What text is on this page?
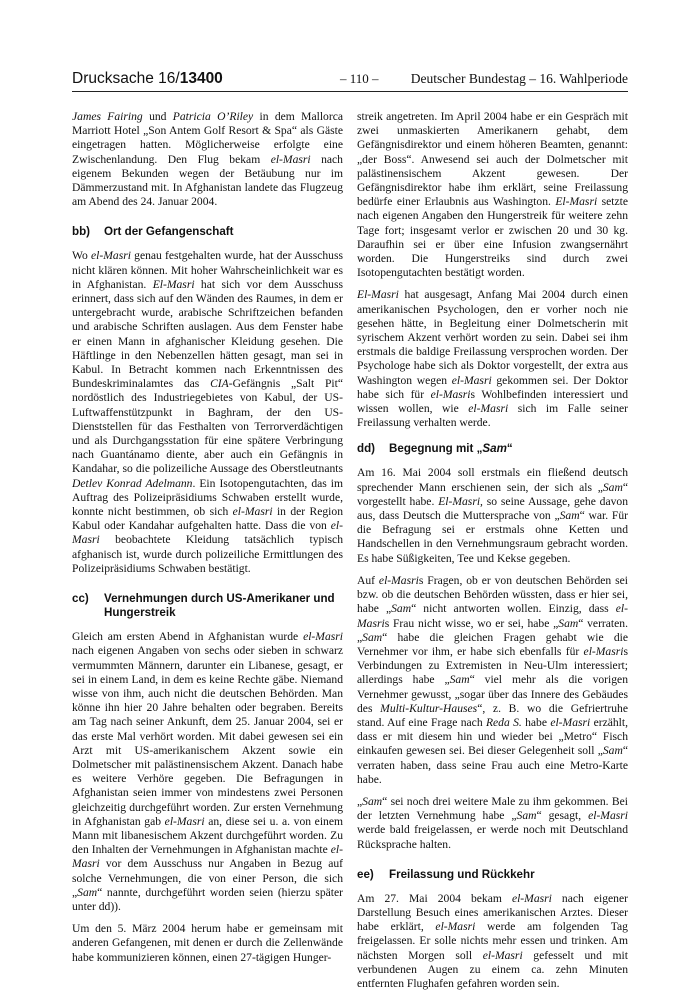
Drucksache 16/13400	– 110 – Deutscher Bundestag – 16. Wahlperiode

James Fairing und Patricia O’Riley in dem Mallorca Marriott Hotel „Son Antem Golf Resort & Spa“ als Gäste eingetragen hatten. Möglicherweise erfolgte eine Zwischenlandung. Den Flug bekam el-Masri nach eigenem Bekunden wegen der Betäubung nur im Dämmerzustand mit. In Afghanistan landete das Flugzeug am Abend des 24. Januar 2004.

bb)	Ort der Gefangenschaft

Wo el-Masri genau festgehalten wurde, hat der Ausschuss nicht klären können. Mit hoher Wahrscheinlichkeit war es in Afghanistan. El-Masri hat sich vor dem Ausschuss erinnert, dass sich auf den Wänden des Raumes, in dem er untergebracht wurde, arabische Schriftzeichen befanden und arabische Schriften auslagen. Aus dem Fenster habe er einen Mann in afghanischer Kleidung gesehen. Die Häftlinge in den Nebenzellen hätten gesagt, man sei in Kabul. In Betracht kommen nach Erkenntnissen des Bundeskriminalamtes das CIA-Gefängnis „Salt Pit“ nordöstlich des Industriegebietes von Kabul, der US-Luftwaffenstützpunkt in Baghram, der den US-Dienststellen für das Festhalten von Terrorverdächtigen und als Durchgangsstation für eine spätere Verbringung nach Guantánamo diente, aber auch ein Gefängnis in Kandahar, so die polizeiliche Aussage des Oberstleutnants Detlev Konrad Adelmann. Ein Isotopengutachten, das im Auftrag des Polizeipräsidiums Schwaben erstellt wurde, konnte nicht bestimmen, ob sich el-Masri in der Region Kabul oder Kandahar aufgehalten hatte. Dass die von el-Masri beobachtete Kleidung tatsächlich typisch afghanisch ist, wurde durch polizeiliche Ermittlungen des Polizeipräsidiums Schwaben bestätigt.

cc)	Vernehmungen durch US-Amerikaner und Hungerstreik

Gleich am ersten Abend in Afghanistan wurde el-Masri nach eigenen Angaben von sechs oder sieben in schwarz vermummten Männern, darunter ein Libanese, gesagt, er sei in einem Land, in dem es keine Rechte gäbe. Niemand wisse von ihm, auch nicht die deutschen Behörden. Man könne ihn hier 20 Jahre behalten oder begraben. Bereits am Tag nach seiner Ankunft, dem 25. Januar 2004, sei er das erste Mal verhört worden. Mit dabei gewesen sei ein Arzt mit US-amerikanischem Akzent sowie ein Dolmetscher mit palästinensischem Akzent. Danach habe es weitere Verhöre gegeben. Die Befragungen in Afghanistan seien immer von mindestens zwei Personen gleichzeitig durchgeführt worden. Zur ersten Vernehmung in Afghanistan gab el-Masri an, diese sei u. a. von einem Mann mit libanesischem Akzent durchgeführt worden. Zu den Inhalten der Vernehmungen in Afghanistan machte el-Masri vor dem Ausschuss nur Angaben in Bezug auf solche Vernehmungen, die von einer Person, die sich „Sam“ nannte, durchgeführt worden seien (hierzu später unter dd)).

Um den 5. März 2004 herum habe er gemeinsam mit anderen Gefangenen, mit denen er durch die Zellenwände habe kommunizieren können, einen 27-tägigen Hunger-

streik angetreten. Im April 2004 habe er ein Gespräch mit zwei unmaskierten Amerikanern gehabt, dem Gefängnisdirektor und einem höheren Beamten, genannt: „der Boss“. Anwesend sei auch der Dolmetscher mit palästinensischem Akzent gewesen. Der Gefängnisdirektor habe ihm erklärt, seine Freilassung bedürfe einer Erlaubnis aus Washington. El-Masri setzte nach eigenen Angaben den Hungerstreik für weitere zehn Tage fort; insgesamt verlor er zwischen 20 und 30 kg. Daraufhin sei er über eine Infusion zwangsernährt worden. Die Hungerstreiks sind durch zwei Isotopengutachten bestätigt worden.

El-Masri hat ausgesagt, Anfang Mai 2004 durch einen amerikanischen Psychologen, den er vorher noch nie gesehen hätte, in Begleitung einer Dolmetscherin mit syrischem Akzent verhört worden zu sein. Dabei sei ihm erstmals die baldige Freilassung versprochen worden. Der Psychologe habe sich als Doktor vorgestellt, der extra aus Washington wegen el-Masri gekommen sei. Der Doktor habe sich für el-Masris Wohlbefinden interessiert und wissen wollen, wie el-Masri sich im Falle seiner Freilassung verhalten werde.

dd)	Begegnung mit „Sam“

Am 16. Mai 2004 soll erstmals ein fließend deutsch sprechender Mann erschienen sein, der sich als „Sam“ vorgestellt habe. El-Masri, so seine Aussage, gehe davon aus, dass Deutsch die Muttersprache von „Sam“ war. Für die Befragung sei er erstmals ohne Ketten und Handschellen in den Vernehmungsraum gebracht worden. Es habe Süßigkeiten, Tee und Kekse gegeben.

Auf el-Masris Fragen, ob er von deutschen Behörden sei bzw. ob die deutschen Behörden wüssten, dass er hier sei, habe „Sam“ nicht antworten wollen. Einzig, dass el-Masris Frau nicht wisse, wo er sei, habe „Sam“ verraten. „Sam“ habe die gleichen Fragen gehabt wie die Vernehmer vor ihm, er habe sich ebenfalls für el-Masris Verbindungen zu Extremisten in Neu-Ulm interessiert; allerdings habe „Sam“ viel mehr als die vorigen Vernehmer gewusst, „sogar über das Innere des Gebäudes des Multi-Kultur-Hauses“, z. B. wo die Gefriertruhe stand. Auf eine Frage nach Reda S. habe el-Masri erzählt, dass er mit diesem hin und wieder bei „Metro“ Fisch einkaufen gewesen sei. Bei dieser Gelegenheit soll „Sam“ verraten haben, dass seine Frau auch eine Metro-Karte habe.

„Sam“ sei noch drei weitere Male zu ihm gekommen. Bei der letzten Vernehmung habe „Sam“ gesagt, el-Masri werde bald freigelassen, er werde noch mit Deutschland Rücksprache halten.

ee)	Freilassung und Rückkehr

Am 27. Mai 2004 bekam el-Masri nach eigener Darstellung Besuch eines amerikanischen Arztes. Dieser habe erklärt, el-Masri werde am folgenden Tag freigelassen. Er solle nichts mehr essen und trinken. Am nächsten Morgen soll el-Masri gefesselt und mit verbundenen Augen zu einem ca. zehn Minuten entfernten Flughafen gefahren worden sein.
